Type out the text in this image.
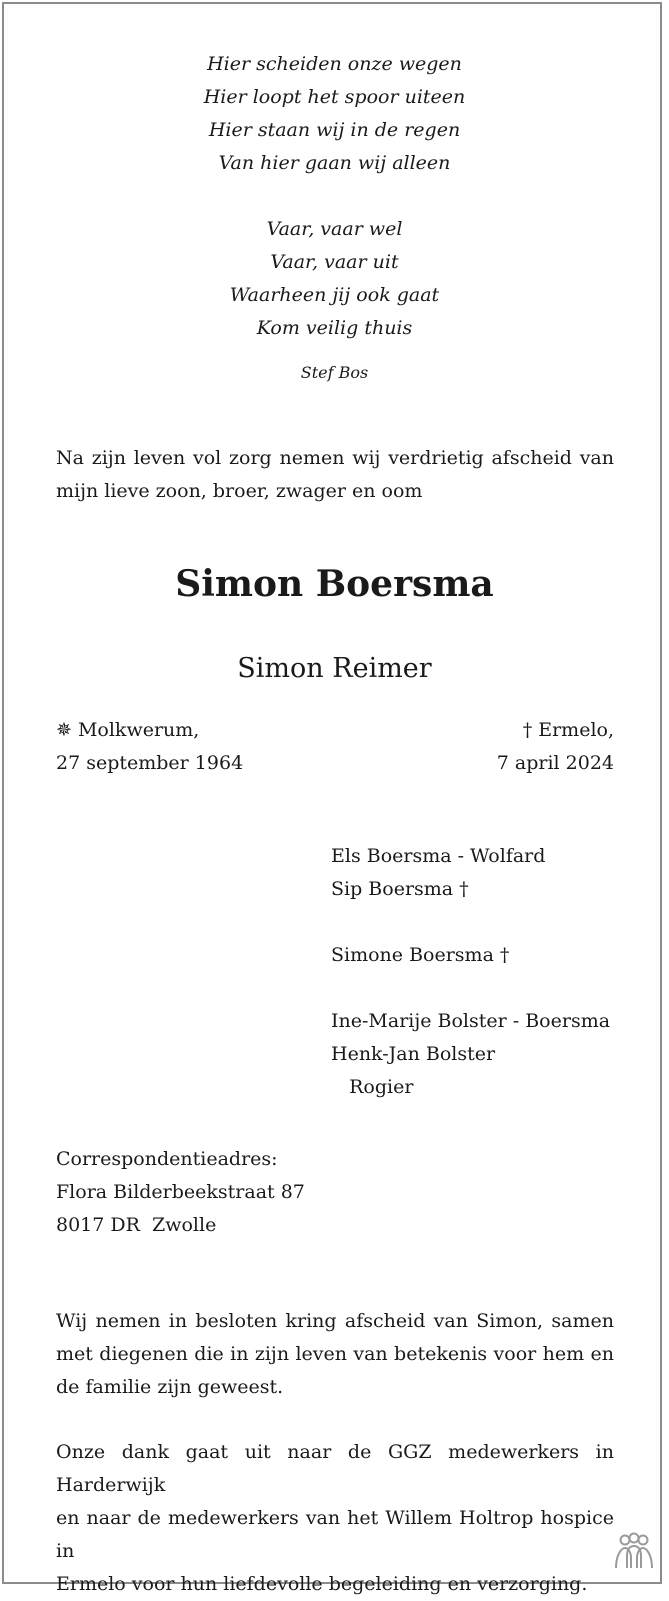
Hier scheiden onze wegen
Hier loopt het spoor uiteen
Hier staan wij in de regen
Van hier gaan wij alleen
Vaar, vaar wel
Vaar, vaar uit
Waarheen jij ook gaat
Kom veilig thuis
Stef Bos

Na zijn leven vol zorg nemen wij verdrietig afscheid van
mijn lieve zoon, broer, zwager en oom

Simon Boersma
Simon Reimer
✵ Molkwerum,
27 september 1964
† Ermelo,
7 april 2024
Els Boersma - Wolfard
Sip Boersma †
Simone Boersma †
Ine-Marije Bolster - Boersma
Henk-Jan Bolster
Rogier
Correspondentieadres:
Flora Bilderbeekstraat 87
8017 DR  Zwolle

Wij nemen in besloten kring afscheid van Simon, samen
met diegenen die in zijn leven van betekenis voor hem en
de familie zijn geweest.

Onze dank gaat uit naar de GGZ medewerkers in Harderwijk
en naar de medewerkers van het Willem Holtrop hospice in
Ermelo voor hun liefdevolle begeleiding en verzorging.
